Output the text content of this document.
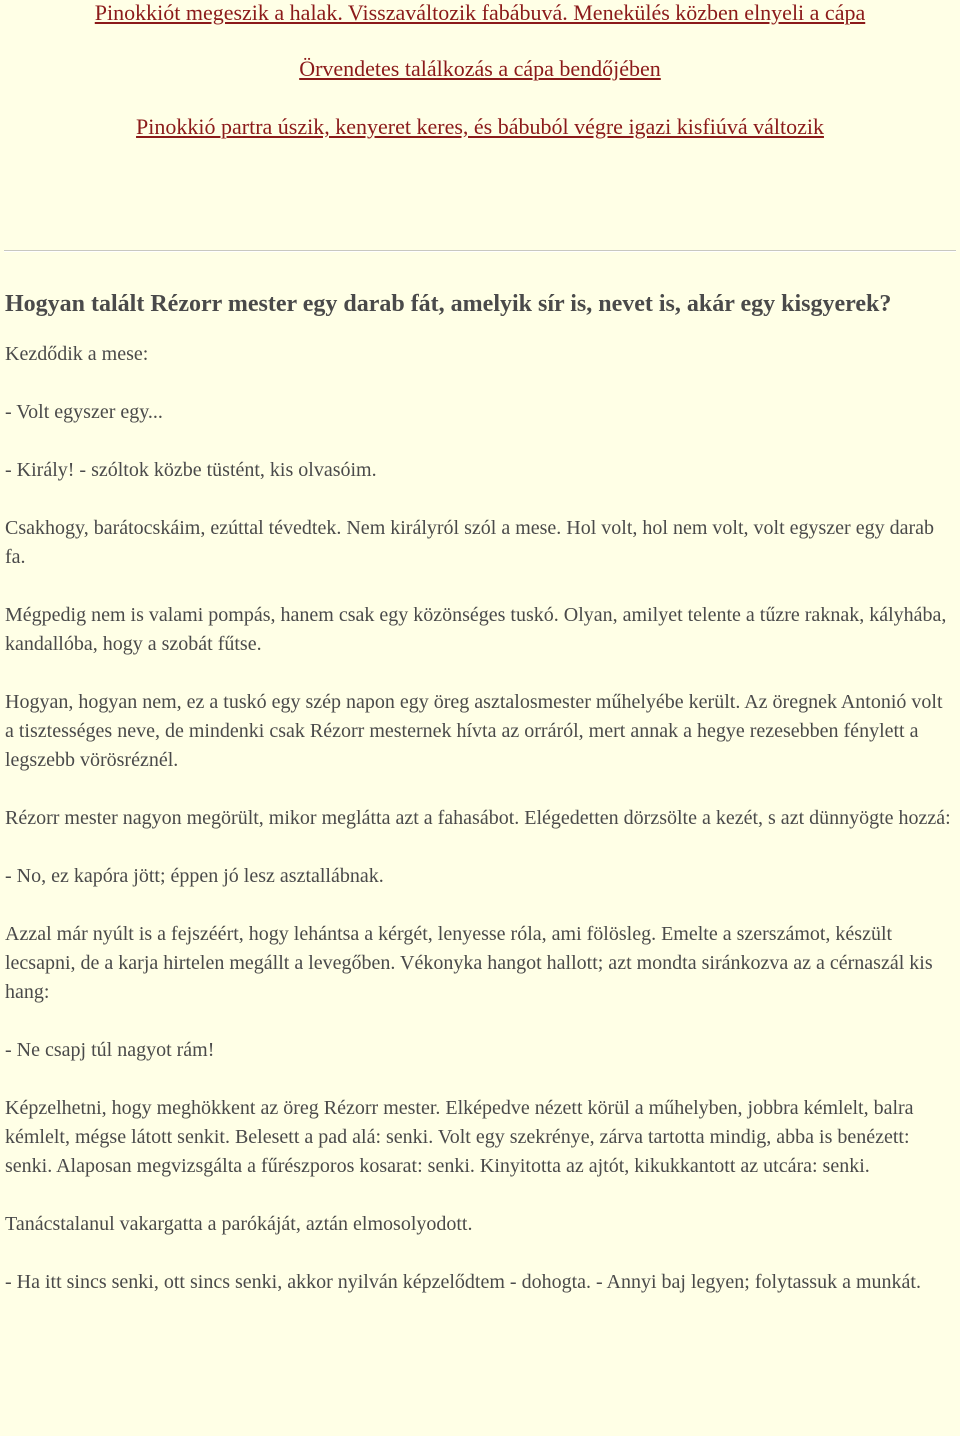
Pinokkiót megeszik a halak. Visszaváltozik fabábuvá. Menekülés közben elnyeli a cápa
Örvendetes találkozás a cápa bendőjében
Pinokkió partra úszik, kenyeret keres, és bábuból végre igazi kisfiúvá változik
Hogyan talált Rézorr mester egy darab fát, amelyik sír is, nevet is, akár egy kisgyerek?

Kezdődik a mese:

- Volt egyszer egy...

- Király! - szóltok közbe tüstént, kis olvasóim.

Csakhogy, barátocskáim, ezúttal tévedtek. Nem királyról szól a mese. Hol volt, hol nem volt, volt egyszer egy darab fa.

Mégpedig nem is valami pompás, hanem csak egy közönséges tuskó. Olyan, amilyet telente a tűzre raknak, kályhába, kandallóba, hogy a szobát fűtse.

Hogyan, hogyan nem, ez a tuskó egy szép napon egy öreg asztalosmester műhelyébe került. Az öregnek Antonió volt a tisztességes neve, de mindenki csak Rézorr mesternek hívta az orráról, mert annak a hegye rezesebben fénylett a legszebb vörösréznél.

Rézorr mester nagyon megörült, mikor meglátta azt a fahasábot. Elégedetten dörzsölte a kezét, s azt dünnyögte hozzá:

- No, ez kapóra jött; éppen jó lesz asztallábnak.

Azzal már nyúlt is a fejszéért, hogy lehántsa a kérgét, lenyesse róla, ami fölösleg. Emelte a szerszámot, készült lecsapni, de a karja hirtelen megállt a levegőben. Vékonyka hangot hallott; azt mondta siránkozva az a cérnaszál kis hang:

- Ne csapj túl nagyot rám!

Képzelhetni, hogy meghökkent az öreg Rézorr mester. Elképedve nézett körül a műhelyben, jobbra kémlelt, balra kémlelt, mégse látott senkit. Belesett a pad alá: senki. Volt egy szekrénye, zárva tartotta mindig, abba is benézett: senki. Alaposan megvizsgálta a fűrészporos kosarat: senki. Kinyitotta az ajtót, kikukkantott az utcára: senki.

Tanácstalanul vakargatta a parókáját, aztán elmosolyodott.

- Ha itt sincs senki, ott sincs senki, akkor nyilván képzelődtem - dohogta. - Annyi baj legyen; folytassuk a munkát.
